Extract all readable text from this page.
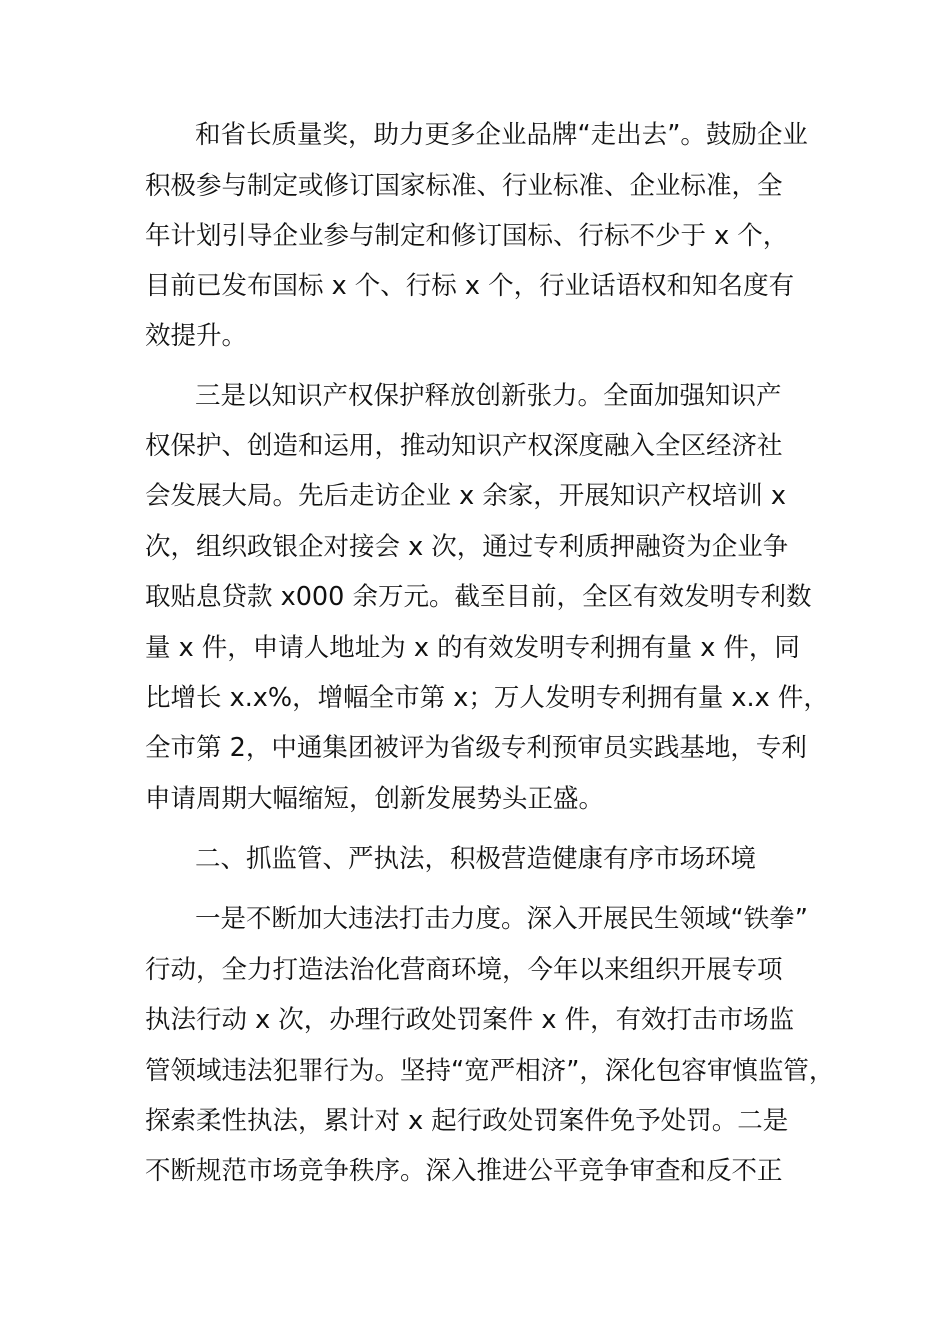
和省长质量奖，助力更多企业品牌“走出去”。鼓励企业
积极参与制定或修订国家标准、行业标准、企业标准，全
年计划引导企业参与制定和修订国标、行标不少于 x 个，
目前已发布国标 x 个、行标 x 个，行业话语权和知名度有
效提升。
三是以知识产权保护释放创新张力。全面加强知识产
权保护、创造和运用，推动知识产权深度融入全区经济社
会发展大局。先后走访企业 x 余家，开展知识产权培训 x
次，组织政银企对接会 x 次，通过专利质押融资为企业争
取贴息贷款 x000 余万元。截至目前，全区有效发明专利数
量 x 件，申请人地址为 x 的有效发明专利拥有量 x 件，同
比增长 x.x%，增幅全市第 x；万人发明专利拥有量 x.x 件，
全市第 2，中通集团被评为省级专利预审员实践基地，专利
申请周期大幅缩短，创新发展势头正盛。
二、抓监管、严执法，积极营造健康有序市场环境
一是不断加大违法打击力度。深入开展民生领域“铁拳”
行动，全力打造法治化营商环境，今年以来组织开展专项
执法行动 x 次，办理行政处罚案件 x 件，有效打击市场监
管领域违法犯罪行为。坚持“宽严相济”，深化包容审慎监管，
探索柔性执法，累计对 x 起行政处罚案件免予处罚。二是
不断规范市场竞争秩序。深入推进公平竞争审查和反不正
